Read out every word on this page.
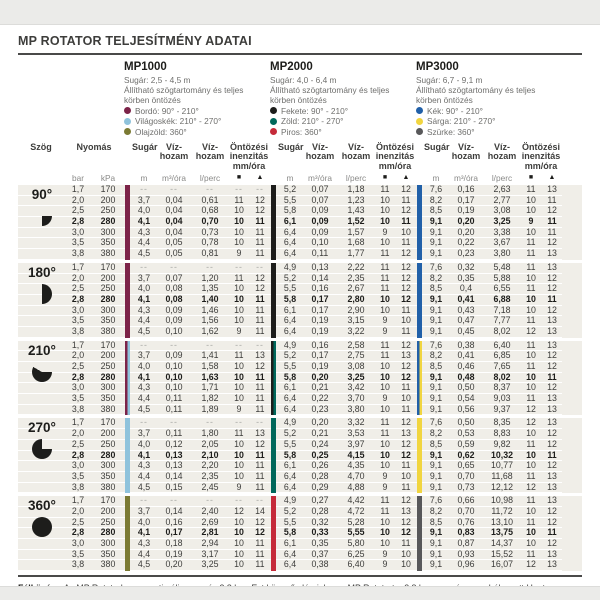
MP ROTATOR TELJESÍTMÉNY ADATAI
MP1000
Sugár: 2,5 - 4,5 m
Állítható szögtartomány és teljes körben öntözés
Bordó: 90° - 210°
Világoskék: 210° - 270°
Olajzöld: 360°
MP2000
Sugár: 4,0 - 6,4 m
Állítható szögtartomány és teljes körben öntözés
Fekete: 90° - 210°
Zöld: 210° - 270°
Piros: 360°
MP3000
Sugár: 6,7 - 9,1 m
Állítható szögtartomány és teljes körben öntözés
Kék: 90° - 210°
Sárga: 210° - 270°
Szürke: 360°
Szög	Nyomás	Sugár Víz-hozam
Víz-hozam
Öntözési inenzitás mm/óra
Sugár Víz-hozam
Víz-hozam
Öntözési inenzitás mm/óra
Sugár Víz-hozam
Víz-hozam
Öntözési inenzitás mm/óra
bar	kPa	m	m³/óra	l/perc	■	▲	m	m³/óra	l/perc	■	▲	m	m³/óra	l/perc	■	▲
90°	1,7	170	--	--	--	--	--	5,2	0,07	1,18	11	12	7,6	0,16	2,63	11	13
2,0	200	3,7	0,04	0,61	11	12	5,5	0,07	1,23	10	11	8,2	0,17	2,77	10	11
2,5	250	4,0	0,04	0,68	10	12	5,8	0,09	1,43	10	12	8,5	0,19	3,08	10	12
2,8	280	4,1	0,04	0,70	10	11	6,1	0,09	1,52	10	11	9,1	0,20	3,25	9	11
3,0	300	4,3	0,04	0,73	10	11	6,4	0,09	1,57	9	10	9,1	0,20	3,38	10	11
3,5	350	4,4	0,05	0,78	10	11	6,4	0,10	1,68	10	11	9,1	0,22	3,67	11	12
3,8	380	4,5	0,05	0,81	9	11	6,4	0,11	1,77	11	12	9,1	0,23	3,80	11	13
180°	1,7	170	--	--	--	--	--	4,9	0,13	2,22	11	12	7,6	0,32	5,48	11	13
2,0	200	3,7	0,07	1,20	11	12	5,2	0,14	2,35	11	12	8,2	0,35	5,88	10	12
2,5	250	4,0	0,08	1,35	10	12	5,5	0,16	2,67	11	12	8,5	0,4	6,55	11	12
2,8	280	4,1	0,08	1,40	10	11	5,8	0,17	2,80	10	12	9,1	0,41	6,88	10	11
3,0	300	4,3	0,09	1,46	10	11	6,1	0,17	2,90	10	11	9,1	0,43	7,18	10	12
3,5	350	4,4	0,09	1,56	10	11	6,4	0,19	3,15	9	10	9,1	0,47	7,77	11	13
3,8	380	4,5	0,10	1,62	9	11	6,4	0,19	3,22	9	11	9,1	0,45	8,02	12	13
210°	1,7	170	--	--	--	--	--	4,9	0,16	2,58	11	12	7,6	0,38	6,40	11	13
2,0	200	3,7	0,09	1,41	11	13	5,2	0,17	2,75	11	13	8,2	0,41	6,85	10	12
2,5	250	4,0	0,10	1,58	10	12	5,5	0,19	3,08	10	12	8,5	0,46	7,65	11	12
2,8	280	4,1	0,10	1,63	10	11	5,8	0,20	3,25	10	12	9,1	0,48	8,02	10	11
3,0	300	4,3	0,10	1,71	10	11	6,1	0,21	3,42	10	11	9,1	0,50	8,37	10	12
3,5	350	4,4	0,11	1,82	10	11	6,4	0,22	3,70	9	10	9,1	0,54	9,03	11	13
3,8	380	4,5	0,11	1,89	9	11	6,4	0,23	3,80	10	11	9,1	0,56	9,37	12	13
270°	1,7	170	--	--	--	--	--	4,9	0,20	3,32	11	12	7,6	0,50	8,35	12	13
2,0	200	3,7	0,11	1,80	11	13	5,2	0,21	3,53	11	13	8,2	0,53	8,83	10	12
2,5	250	4,0	0,12	2,05	10	12	5,5	0,24	3,97	10	12	8,5	0,59	9,82	11	12
2,8	280	4,1	0,13	2,10	10	11	5,8	0,25	4,15	10	12	9,1	0,62	10,32	10	11
3,0	300	4,3	0,13	2,20	10	11	6,1	0,26	4,35	10	11	9,1	0,65	10,77	10	12
3,5	350	4,4	0,14	2,35	10	11	6,4	0,28	4,70	9	10	9,1	0,70	11,68	11	13
3,8	380	4,5	0,15	2,45	9	11	6,4	0,29	4,88	9	11	9,1	0,73	12,12	12	13
360°	1,7	170	--	--	--	--	--	4,9	0,27	4,42	11	12	7,6	0,66	10,98	11	13
2,0	200	3,7	0,14	2,40	12	14	5,2	0,28	4,72	11	13	8,2	0,70	11,72	10	12
2,5	250	4,0	0,16	2,69	10	12	5,5	0,32	5,28	10	12	8,5	0,76	13,10	11	12
2,8	280	4,1	0,17	2,81	10	12	5,8	0,33	5,55	10	12	9,1	0,83	13,75	10	11
3,0	300	4,3	0,18	2,94	10	11	6,1	0,35	5,80	10	11	9,1	0,87	14,37	10	12
3,5	350	4,4	0,19	3,17	10	11	6,4	0,37	6,25	9	10	9,1	0,93	15,52	11	13
3,8	380	4,5	0,20	3,25	10	11	6,4	0,38	6,40	9	10	9,1	0,96	16,07	12	13
